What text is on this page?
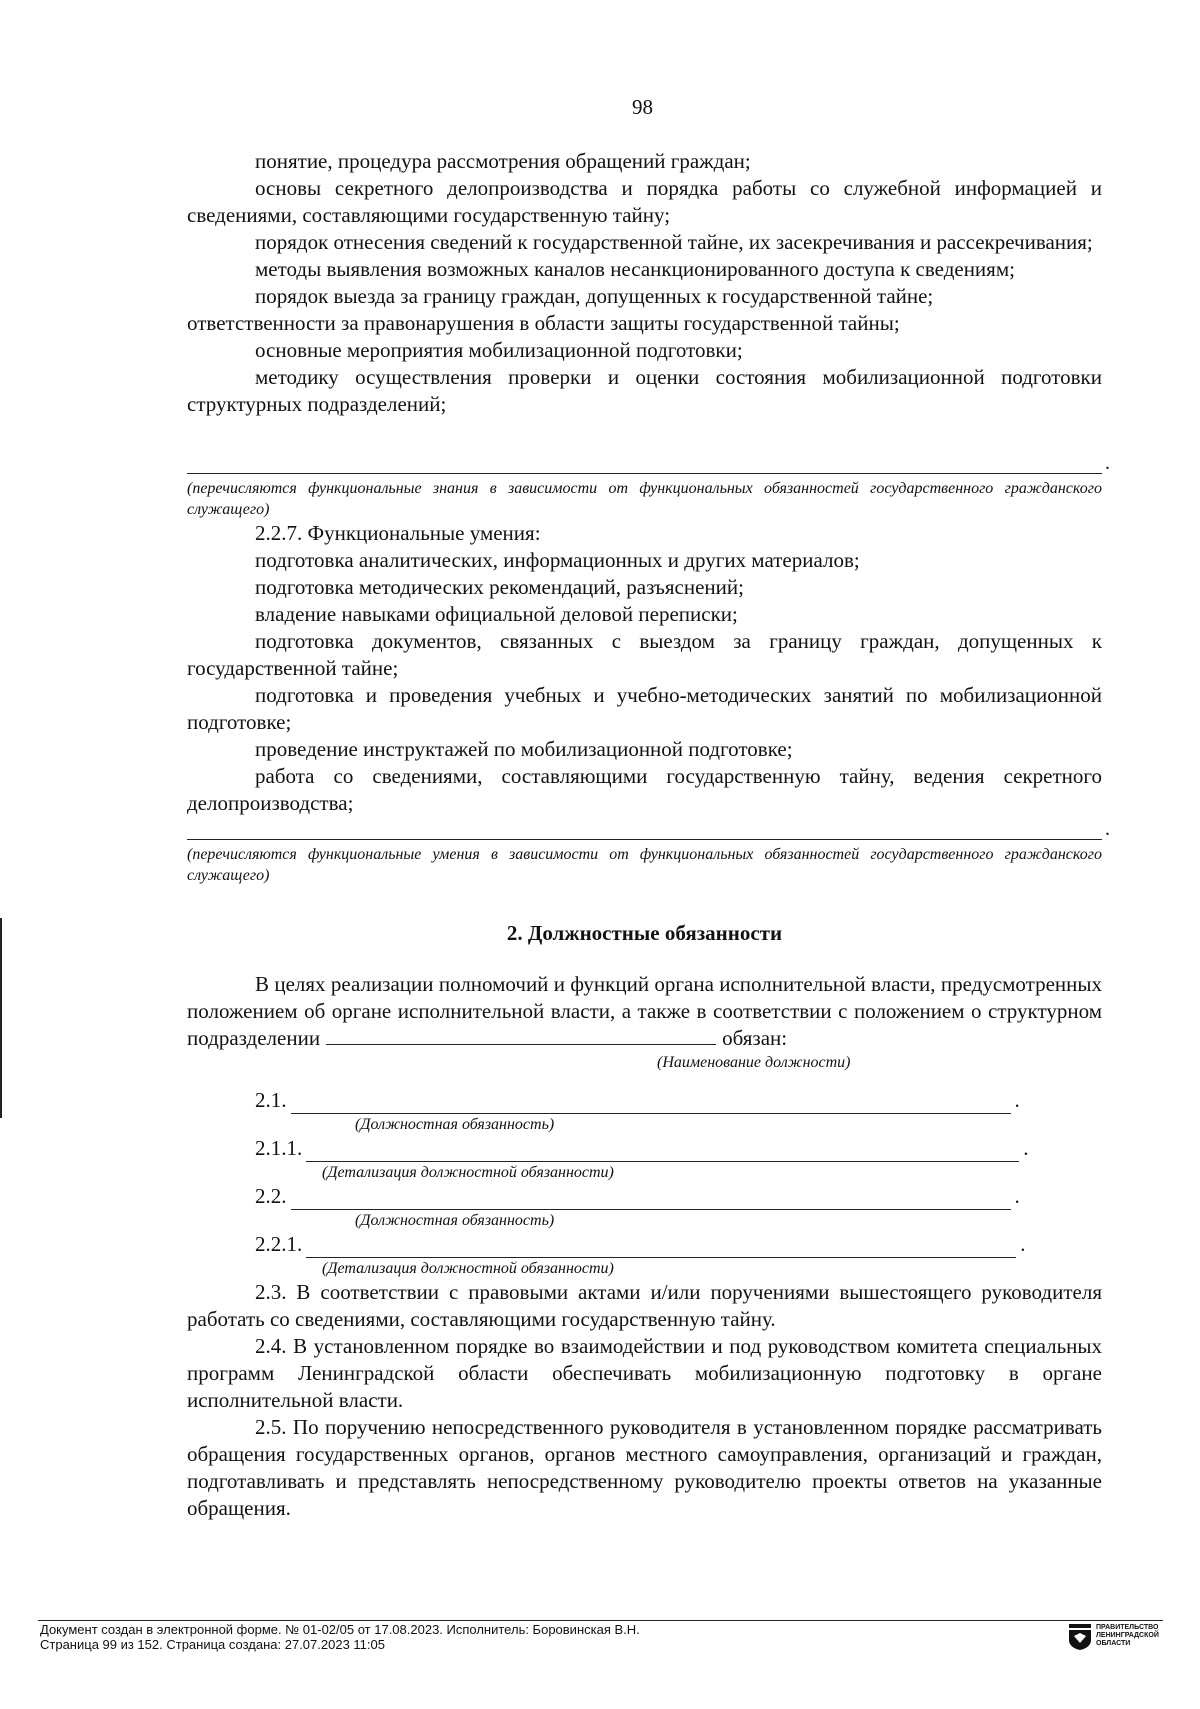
98

понятие, процедура рассмотрения обращений граждан;

основы секретного делопроизводства и порядка работы со служебной информацией и сведениями, составляющими государственную тайну;

порядок отнесения сведений к государственной тайне, их засекречивания и рассекречивания;

методы выявления возможных каналов несанкционированного доступа к сведениям;

порядок выезда за границу граждан, допущенных к государственной тайне;

ответственности за правонарушения в области защиты государственной тайны;

основные мероприятия мобилизационной подготовки;

методику осуществления проверки и оценки состояния мобилизационной подготовки структурных подразделений;

.

(перечисляются функциональные знания в зависимости от функциональных обязанностей государственного гражданского служащего)

2.2.7. Функциональные умения:

подготовка аналитических, информационных и других материалов;

подготовка методических рекомендаций, разъяснений;

владение навыками официальной деловой переписки;

подготовка документов, связанных с выездом за границу граждан, допущенных к государственной тайне;

подготовка и проведения учебных и учебно-методических занятий по мобилизационной подготовке;

проведение инструктажей по мобилизационной подготовке;

работа со сведениями, составляющими государственную тайну, ведения секретного делопроизводства;

.

(перечисляются функциональные умения в зависимости от функциональных обязанностей государственного гражданского служащего)

2. Должностные обязанности

В целях реализации полномочий и функций органа исполнительной власти, предусмотренных положением об органе исполнительной власти, а также в соответствии с положением о структурном подразделении	обязан:

(Наименование должности)
2.1.	.
(Должностная обязанность)
2.1.1.	.
(Детализация должностной обязанности)
2.2.	.
(Должностная обязанность)
2.2.1.	.
(Детализация должностной обязанности)

2.3. В соответствии с правовыми актами и/или поручениями вышестоящего руководителя работать со сведениями, составляющими государственную тайну.

2.4. В установленном порядке во взаимодействии и под руководством комитета специальных программ Ленинградской области обеспечивать мобилизационную подготовку в органе исполнительной власти.

2.5. По поручению непосредственного руководителя в установленном порядке рассматривать обращения государственных органов, органов местного самоуправления, организаций и граждан, подготавливать и представлять непосредственному руководителю проекты ответов на указанные обращения.

Документ создан в электронной форме. № 01-02/05 от 17.08.2023. Исполнитель: Боровинская В.Н.
Страница 99 из 152. Страница создана: 27.07.2023 11:05
ПРАВИТЕЛЬСТВО
ЛЕНИНГРАДСКОЙ
ОБЛАСТИ
